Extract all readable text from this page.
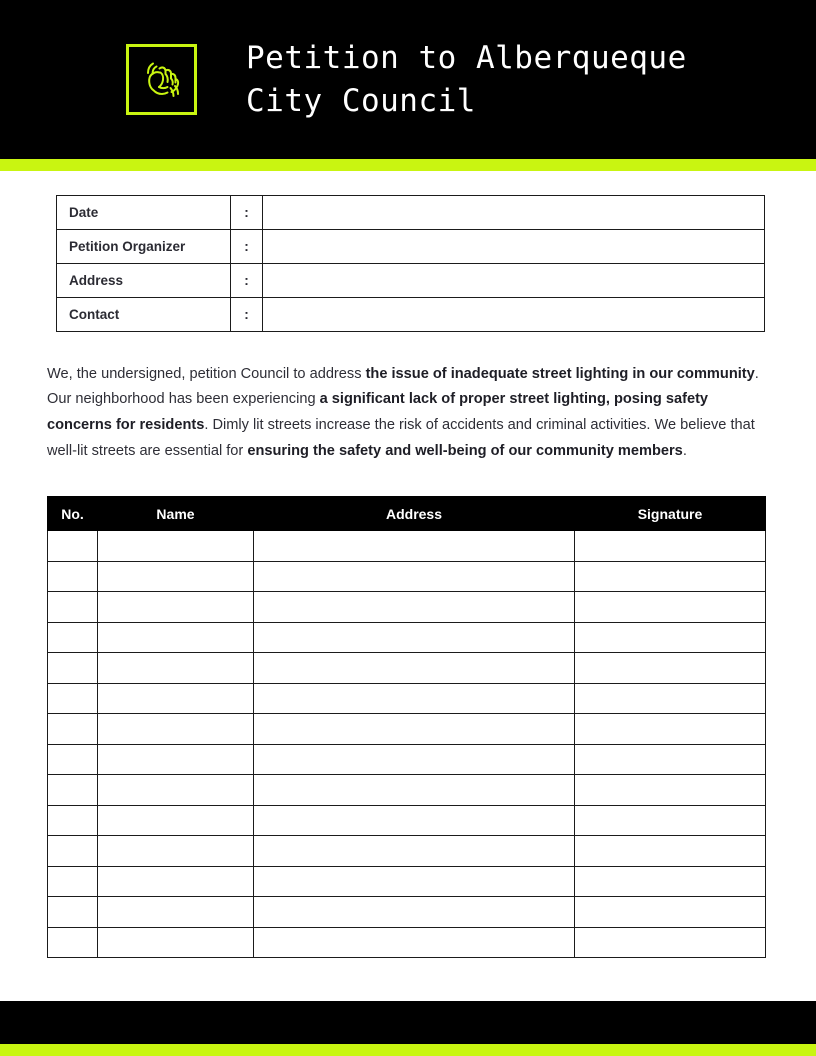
Petition to Alberqueque
City Council
Date	:	
Petition Organizer	:	
Address	:	
Contact	:	

We, the undersigned, petition Council to address the issue of inadequate street lighting in our community. Our neighborhood has been experiencing a significant lack of proper street lighting, posing safety concerns for residents. Dimly lit streets increase the risk of accidents and criminal activities. We believe that well-lit streets are essential for ensuring the safety and well-being of our community members.

No.	Name	Address	Signature
